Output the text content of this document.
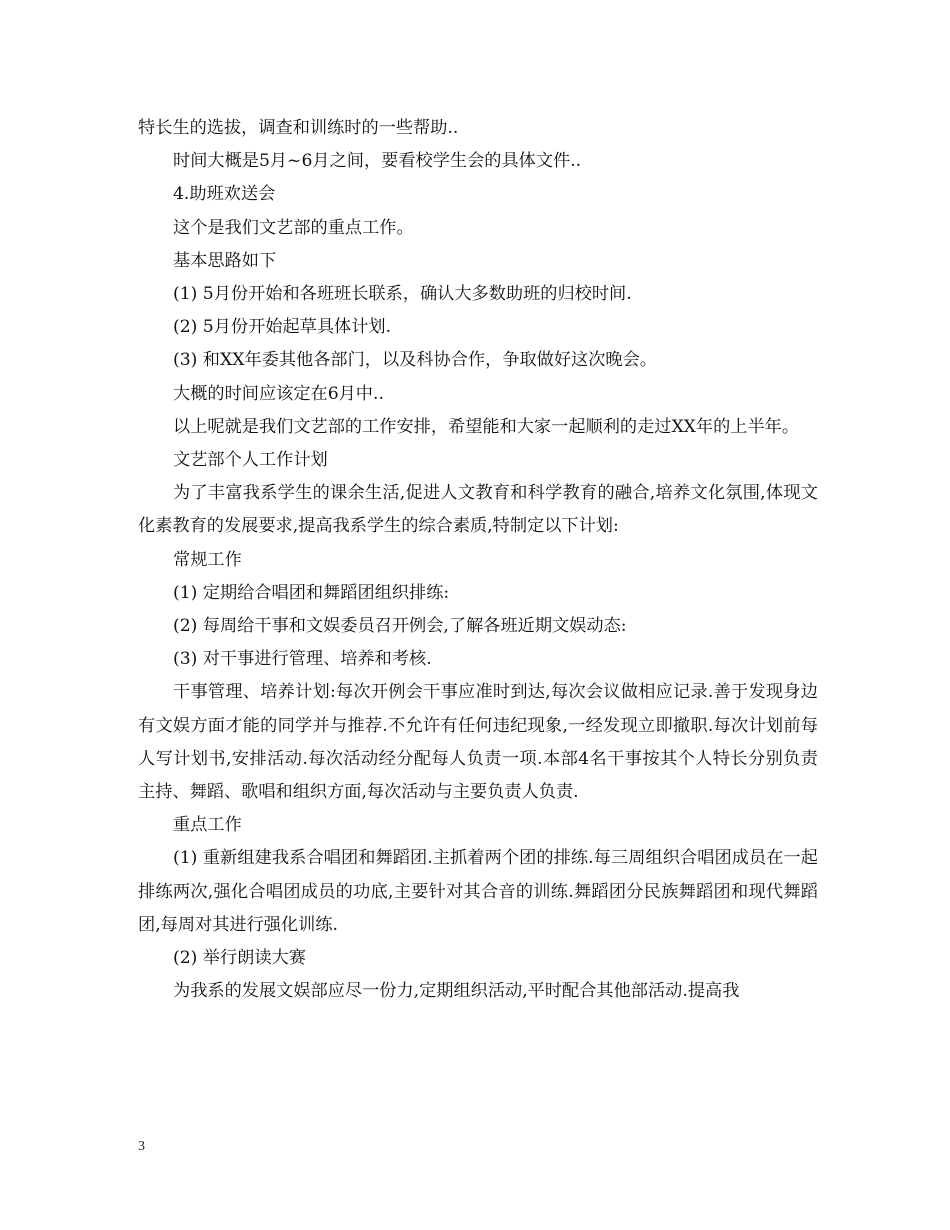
特长生的选拔，调查和训练时的一些帮助..

时间大概是5月~6月之间，要看校学生会的具体文件..

4.助班欢送会

这个是我们文艺部的重点工作。

基本思路如下

(1) 5月份开始和各班班长联系，确认大多数助班的归校时间.

(2) 5月份开始起草具体计划.

(3) 和XX年委其他各部门，以及科协合作，争取做好这次晚会。

大概的时间应该定在6月中..

以上呢就是我们文艺部的工作安排，希望能和大家一起顺利的走过XX年的上半年。

文艺部个人工作计划

为了丰富我系学生的课余生活,促进人文教育和科学教育的融合,培养文化氛围,体现文化素教育的发展要求,提高我系学生的综合素质,特制定以下计划:

常规工作

(1) 定期给合唱团和舞蹈团组织排练:

(2) 每周给干事和文娱委员召开例会,了解各班近期文娱动态:

(3) 对干事进行管理、培养和考核.

干事管理、培养计划:每次开例会干事应准时到达,每次会议做相应记录.善于发现身边有文娱方面才能的同学并与推荐.不允许有任何违纪现象,一经发现立即撤职.每次计划前每人写计划书,安排活动.每次活动经分配每人负责一项.本部4名干事按其个人特长分别负责主持、舞蹈、歌唱和组织方面,每次活动与主要负责人负责.

重点工作

(1) 重新组建我系合唱团和舞蹈团.主抓着两个团的排练.每三周组织合唱团成员在一起排练两次,强化合唱团成员的功底,主要针对其合音的训练.舞蹈团分民族舞蹈团和现代舞蹈团,每周对其进行强化训练.

(2) 举行朗读大赛

为我系的发展文娱部应尽一份力,定期组织活动,平时配合其他部活动.提高我

3
